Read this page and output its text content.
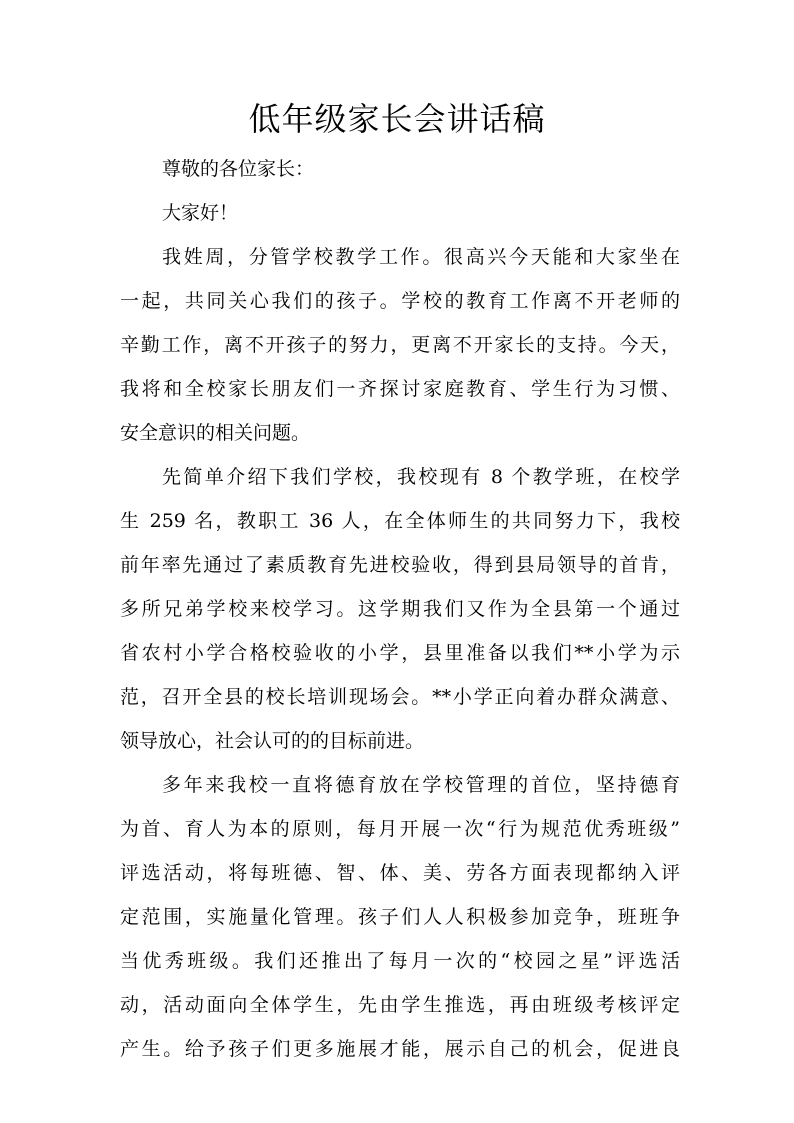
低年级家长会讲话稿
尊敬的各位家长：
大家好！
我姓周，分管学校教学工作。很高兴今天能和大家坐在
一起，共同关心我们的孩子。学校的教育工作离不开老师的
辛勤工作，离不开孩子的努力，更离不开家长的支持。今天，
我将和全校家长朋友们一齐探讨家庭教育、学生行为习惯、
安全意识的相关问题。
先简单介绍下我们学校，我校现有 8 个教学班，在校学
生 259 名，教职工 36 人，在全体师生的共同努力下，我校
前年率先通过了素质教育先进校验收，得到县局领导的首肯，
多所兄弟学校来校学习。这学期我们又作为全县第一个通过
省农村小学合格校验收的小学，县里准备以我们**小学为示
范，召开全县的校长培训现场会。**小学正向着办群众满意、
领导放心，社会认可的的目标前进。
多年来我校一直将德育放在学校管理的首位，坚持德育
为首、育人为本的原则，每月开展一次“行为规范优秀班级”
评选活动，将每班德、智、体、美、劳各方面表现都纳入评
定范围，实施量化管理。孩子们人人积极参加竞争，班班争
当优秀班级。我们还推出了每月一次的“校园之星”评选活
动，活动面向全体学生，先由学生推选，再由班级考核评定
产生。给予孩子们更多施展才能，展示自己的机会，促进良
